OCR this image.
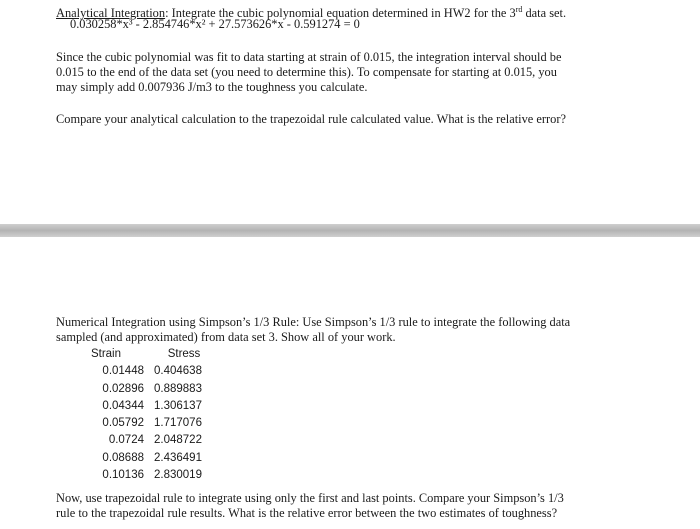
Analytical Integration: Integrate the cubic polynomial equation determined in HW2 for the 3rd data set.
0.030258*x³ - 2.854746*x² + 27.573626*x - 0.591274 = 0
Since the cubic polynomial was fit to data starting at strain of 0.015, the integration interval should be
0.015 to the end of the data set (you need to determine this). To compensate for starting at 0.015, you
may simply add 0.007936 J/m3 to the toughness you calculate.
Compare your analytical calculation to the trapezoidal rule calculated value. What is the relative error?
Numerical Integration using Simpson’s 1/3 Rule: Use Simpson’s 1/3 rule to integrate the following data
sampled (and approximated) from data set 3. Show all of your work.
Strain	Stress
0.01448 0.404638
0.02896 0.889883
0.04344 1.306137
0.05792 1.717076
0.0724 2.048722
0.08688 2.436491
0.10136 2.830019
Now, use trapezoidal rule to integrate using only the first and last points. Compare your Simpson’s 1/3
rule to the trapezoidal rule results. What is the relative error between the two estimates of toughness?
